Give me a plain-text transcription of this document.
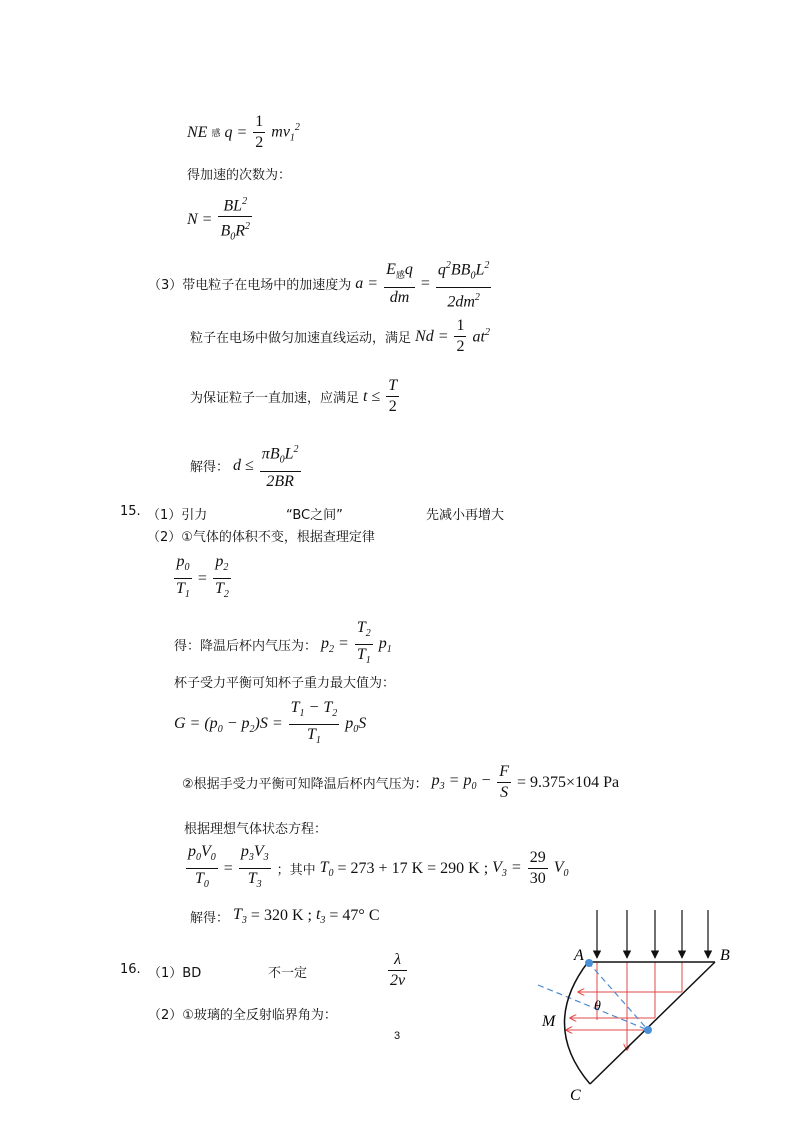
NE 感 $q = \frac{1}{2} mv_1^2$
得加速的次数为：
$N = \frac{BL^2}{B_0R^2}$
（3）带电粒子在电场中的加速度为 $a = \frac{E_感q}{dm} = \frac{q^2BB_0L^2}{2dm^2}$
粒子在电场中做匀加速直线运动，满足 $Nd = \frac{1}{2} at^2$
为保证粒子一直加速，应满足 $t \le \frac{T}{2}$
解得： $d \le \frac{\pi B_0L^2}{2BR}$
15. （1）引力	“BC之间”	先减小再增大
（2）①气体的体积不变，根据查理定律
$\frac{p_0}{T_1} = \frac{p_2}{T_2}$
得：降温后杯内气压为： $p_2 = \frac{T_2}{T_1} p_1$
杯子受力平衡可知杯子重力最大值为：
$G = (p_0 - p_2)S = \frac{T_1 - T_2}{T_1} p_0S$
②根据手受力平衡可知降温后杯内气压为： $p_3 = p_0 - \frac{F}{S} = 9.375\times 10$ 4 Pa
根据理想气体状态方程：
$\frac{p_0V_0}{T_0} = \frac{p_3V_3}{T_3}$ ；其中 $T_0 = 273 + 17$ K = 290 K ; $V_3 = \frac{29}{30} V_0$
解得： $T_3 = 320$ K ; $t_3 = 47^\circ$ C
16. （1）BD	不一定	$\frac{\lambda}{2v}$
（2）①玻璃的全反射临界角为：
3
A	B
M
C
θ
